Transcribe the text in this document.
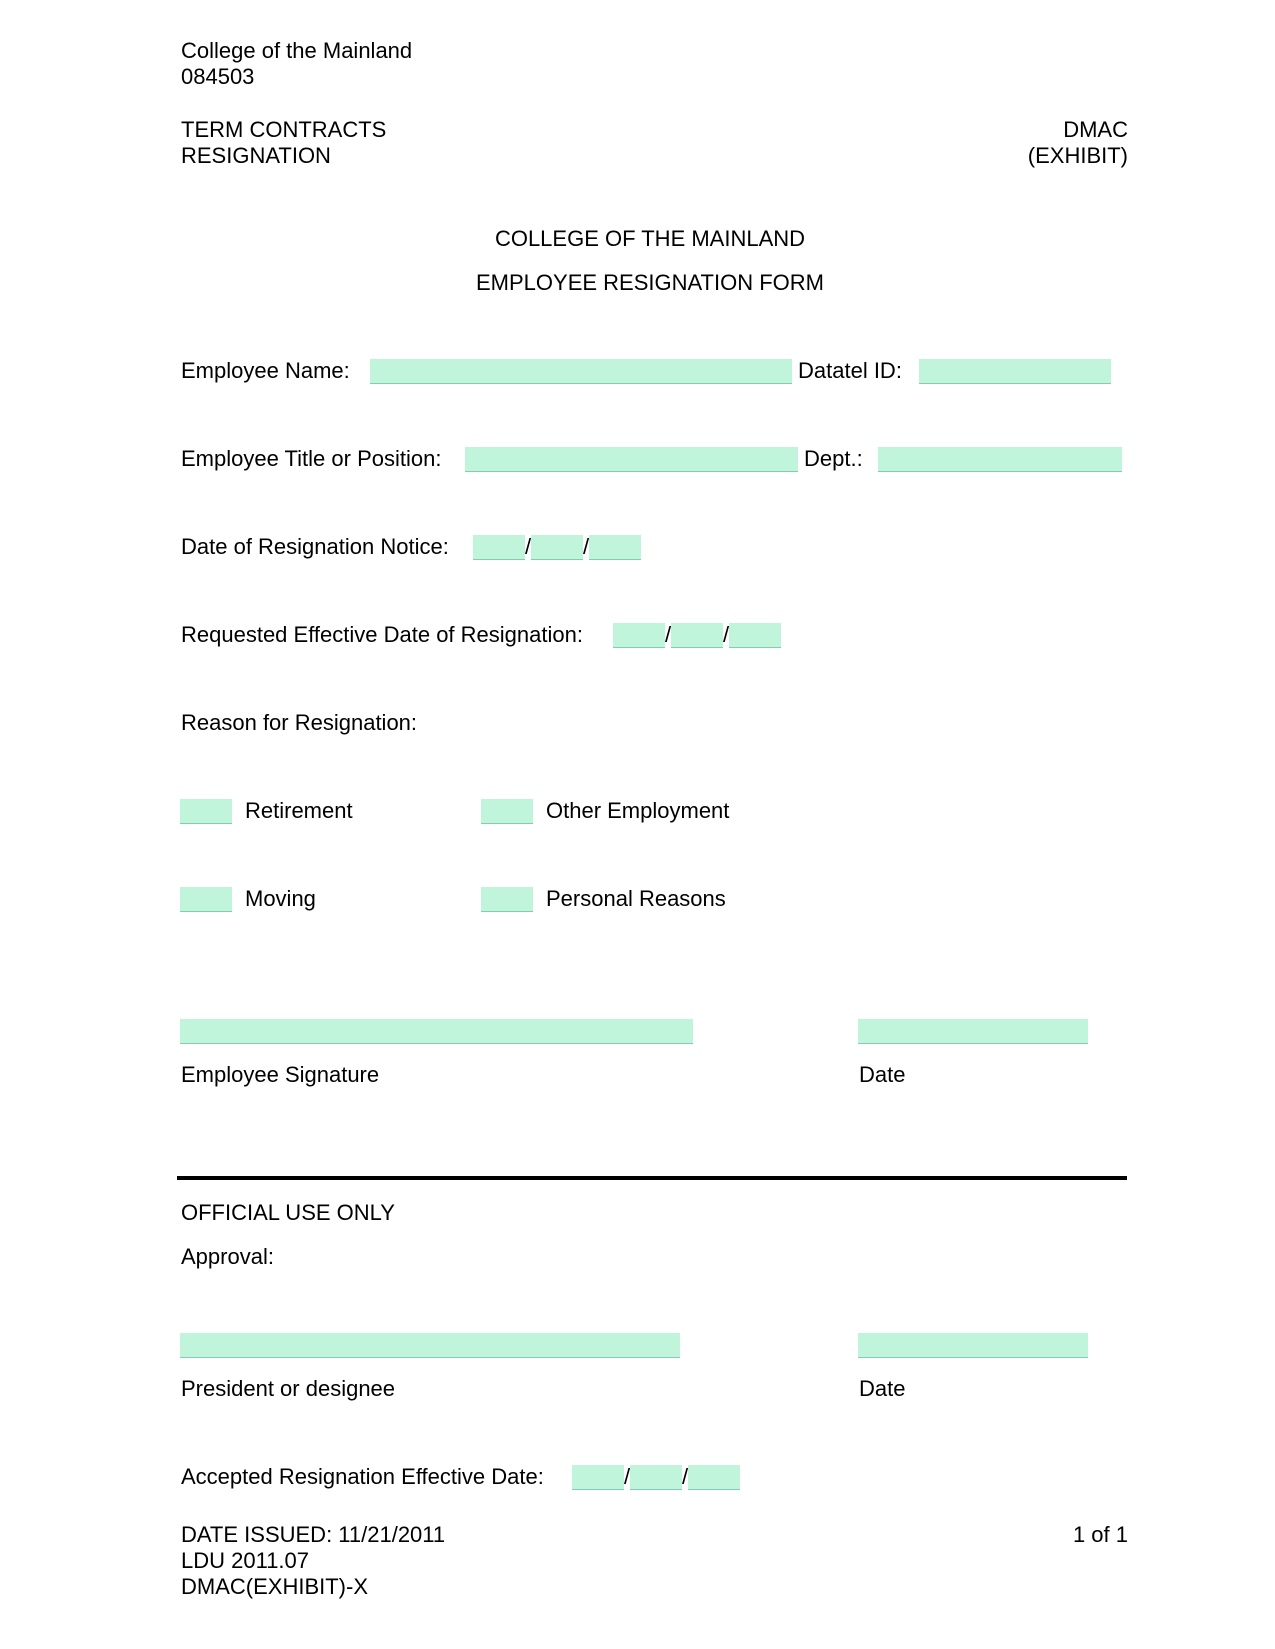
College of the Mainland
084503
TERM CONTRACTS
RESIGNATION
DMAC
(EXHIBIT)
COLLEGE OF THE MAINLAND
EMPLOYEE RESIGNATION FORM
Employee Name:	Datatel ID:
Employee Title or Position:	Dept.:
Date of Resignation Notice:	/ /
Requested Effective Date of Resignation:	/ /
Reason for Resignation:
Retirement	Other Employment
Moving	Personal Reasons
Employee Signature	Date
OFFICIAL USE ONLY
Approval:
President or designee	Date
Accepted Resignation Effective Date:	/ /
DATE ISSUED: 11/21/2011
LDU 2011.07
DMAC(EXHIBIT)-X
1 of 1
